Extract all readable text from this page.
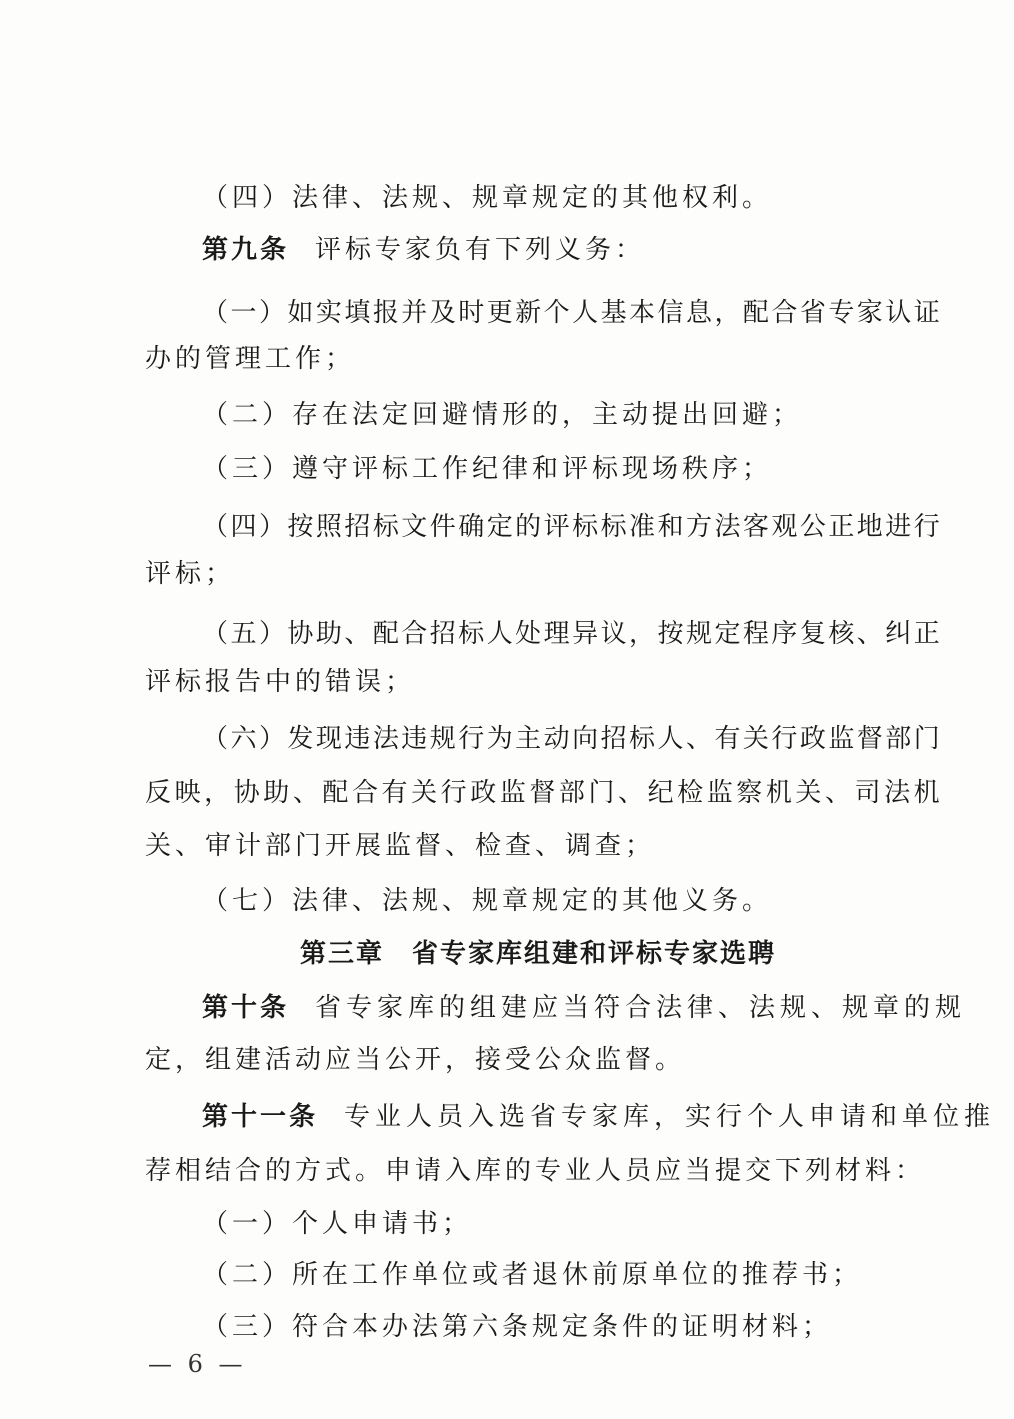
（四）法律、法规、规章规定的其他权利。
第九条 评标专家负有下列义务：
（ 一 ） 如 实 填 报 并 及 时 更 新 个 人 基 本 信 息 ， 配 合 省 专 家 认 证
办的管理工作；
（二）存在法定回避情形的，主动提出回避；
（三）遵守评标工作纪律和评标现场秩序；
（ 四 ） 按 照 招 标 文 件 确 定 的 评 标 标 准 和 方 法 客 观 公 正 地 进 行
评标；
（ 五 ） 协 助 、 配 合 招 标 人 处 理 异 议 ， 按 规 定 程 序 复 核 、 纠 正
评标报告中的错误；
（ 六 ） 发 现 违 法 违 规 行 为 主 动 向 招 标 人 、 有 关 行 政 监 督 部 门
反 映 ， 协 助 、 配 合 有 关 行 政 监 督 部 门 、 纪 检 监 察 机 关 、 司 法 机
关、审计部门开展监督、检查、调查；
（七）法律、法规、规章规定的其他义务。
第三章　省专家库组建和评标专家选聘
第十条 省专家库的组建应当符合法律、法规、规章的规
定，组建活动应当公开，接受公众监督。
第十一条 专业人员入选省专家库，实行个人申请和单位推
荐相结合的方式。申请入库的专业人员应当提交下列材料：
（一）个人申请书；
（二）所在工作单位或者退休前原单位的推荐书；
（三）符合本办法第六条规定条件的证明材料；
— 6 —
